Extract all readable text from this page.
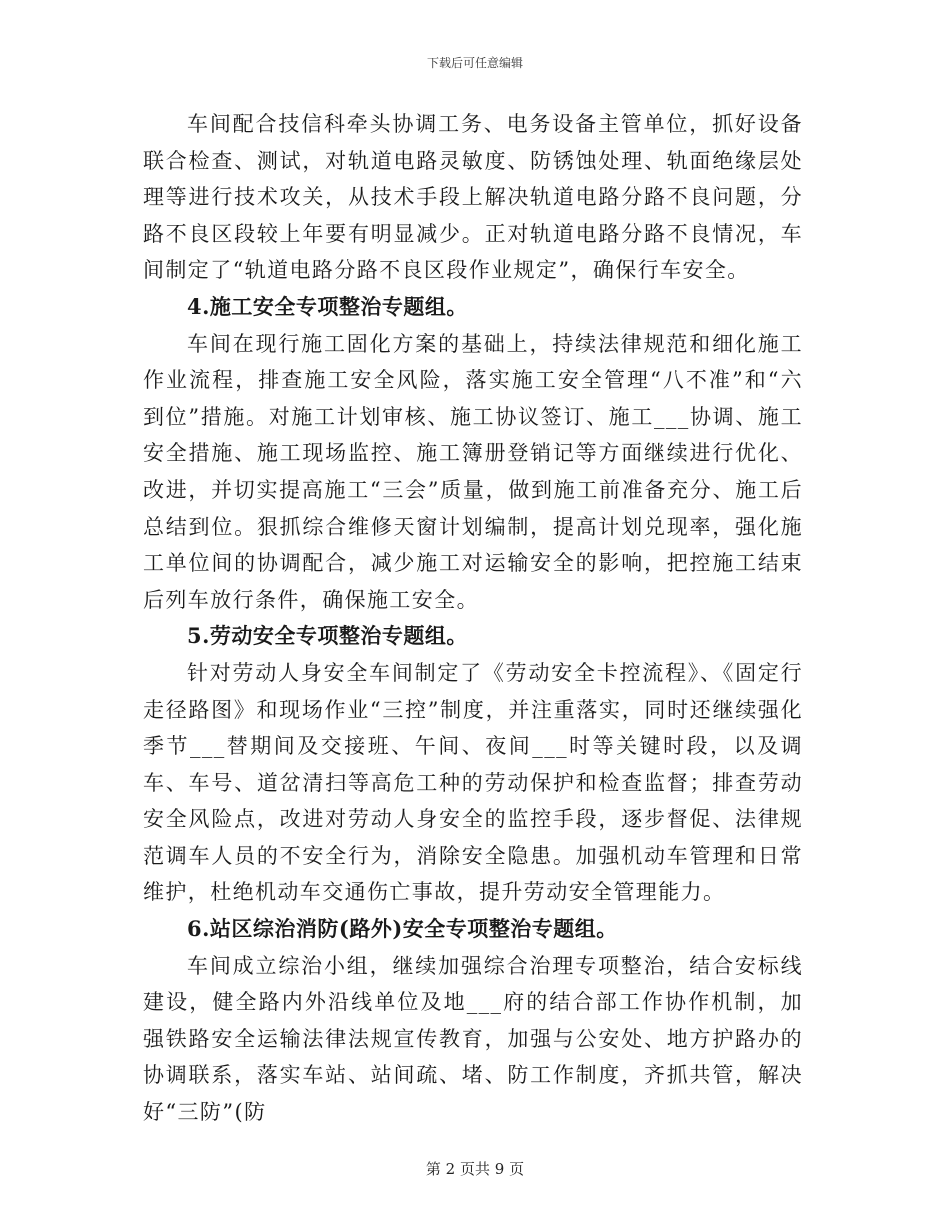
下载后可任意编辑

车间配合技信科牵头协调工务、电务设备主管单位，抓好设备联合检查、测试，对轨道电路灵敏度、防锈蚀处理、轨面绝缘层处理等进行技术攻关，从技术手段上解决轨道电路分路不良问题，分路不良区段较上年要有明显减少。正对轨道电路分路不良情况，车间制定了“轨道电路分路不良区段作业规定”，确保行车安全。

4.施工安全专项整治专题组。

车间在现行施工固化方案的基础上，持续法律规范和细化施工作业流程，排查施工安全风险，落实施工安全管理“八不准”和“六到位”措施。对施工计划审核、施工协议签订、施工___协调、施工安全措施、施工现场监控、施工簿册登销记等方面继续进行优化、改进，并切实提高施工“三会”质量，做到施工前准备充分、施工后总结到位。狠抓综合维修天窗计划编制，提高计划兑现率，强化施工单位间的协调配合，减少施工对运输安全的影响，把控施工结束后列车放行条件，确保施工安全。

5.劳动安全专项整治专题组。

针对劳动人身安全车间制定了《劳动安全卡控流程》、《固定行走径路图》和现场作业“三控”制度，并注重落实，同时还继续强化季节___替期间及交接班、午间、夜间___时等关键时段，以及调车、车号、道岔清扫等高危工种的劳动保护和检查监督；排查劳动安全风险点，改进对劳动人身安全的监控手段，逐步督促、法律规范调车人员的不安全行为，消除安全隐患。加强机动车管理和日常维护，杜绝机动车交通伤亡事故，提升劳动安全管理能力。

6.站区综治消防(路外)安全专项整治专题组。

车间成立综治小组，继续加强综合治理专项整治，结合安标线建设，健全路内外沿线单位及地___府的结合部工作协作机制，加强铁路安全运输法律法规宣传教育，加强与公安处、地方护路办的协调联系，落实车站、站间疏、堵、防工作制度，齐抓共管，解决好“三防”(防

第 2 页共 9 页
